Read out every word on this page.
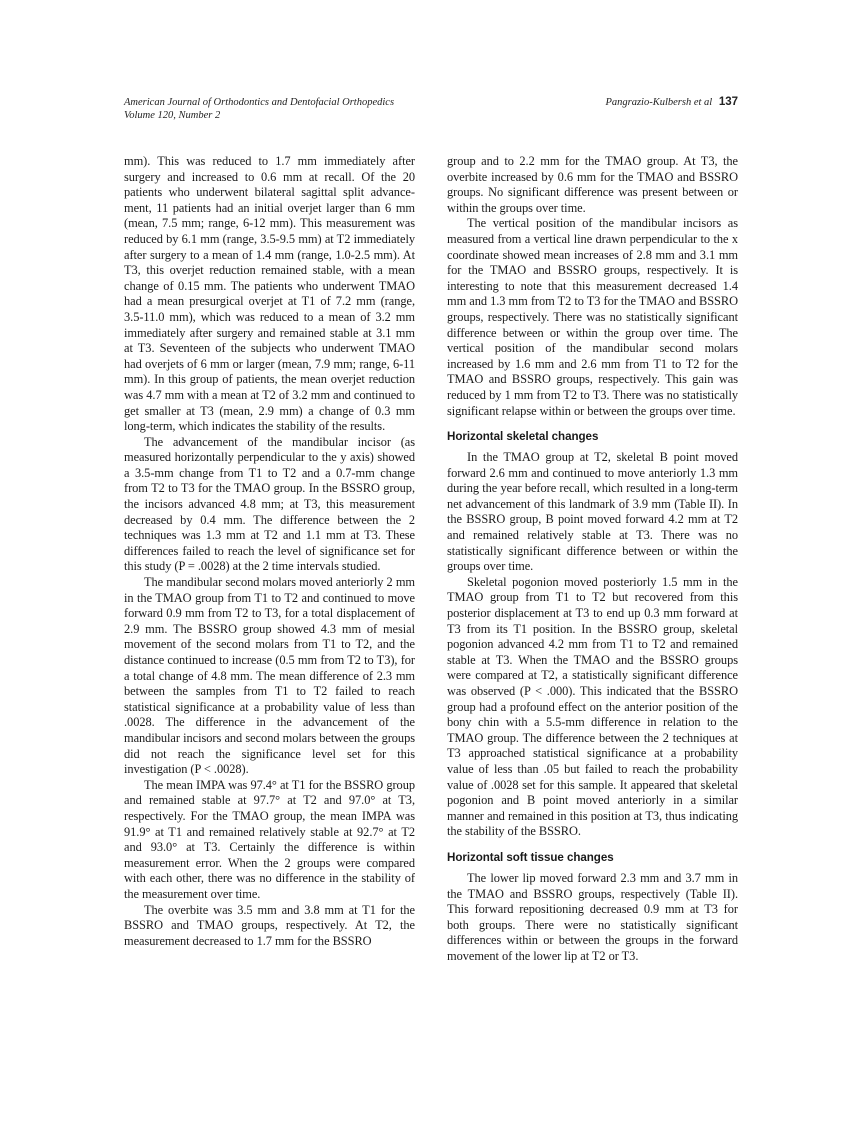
American Journal of Orthodontics and Dentofacial Orthopedics
Volume 120, Number 2
Pangrazio-Kulbersh et al 137

mm). This was reduced to 1.7 mm immediately after surgery and increased to 0.6 mm at recall. Of the 20 patients who underwent bilateral sagittal split advancement, 11 patients had an initial overjet larger than 6 mm (mean, 7.5 mm; range, 6-12 mm). This measurement was reduced by 6.1 mm (range, 3.5-9.5 mm) at T2 immediately after surgery to a mean of 1.4 mm (range, 1.0-2.5 mm). At T3, this overjet reduction remained stable, with a mean change of 0.15 mm. The patients who underwent TMAO had a mean presurgical overjet at T1 of 7.2 mm (range, 3.5-11.0 mm), which was reduced to a mean of 3.2 mm immediately after surgery and remained stable at 3.1 mm at T3. Seventeen of the subjects who underwent TMAO had overjets of 6 mm or larger (mean, 7.9 mm; range, 6-11 mm). In this group of patients, the mean overjet reduction was 4.7 mm with a mean at T2 of 3.2 mm and continued to get smaller at T3 (mean, 2.9 mm) a change of 0.3 mm long-term, which indicates the stability of the results.

The advancement of the mandibular incisor (as measured horizontally perpendicular to the y axis) showed a 3.5-mm change from T1 to T2 and a 0.7-mm change from T2 to T3 for the TMAO group. In the BSSRO group, the incisors advanced 4.8 mm; at T3, this measurement decreased by 0.4 mm. The difference between the 2 techniques was 1.3 mm at T2 and 1.1 mm at T3. These differences failed to reach the level of significance set for this study (P = .0028) at the 2 time intervals studied.

The mandibular second molars moved anteriorly 2 mm in the TMAO group from T1 to T2 and continued to move forward 0.9 mm from T2 to T3, for a total displacement of 2.9 mm. The BSSRO group showed 4.3 mm of mesial movement of the second molars from T1 to T2, and the distance continued to increase (0.5 mm from T2 to T3), for a total change of 4.8 mm. The mean difference of 2.3 mm between the samples from T1 to T2 failed to reach statistical significance at a probability value of less than .0028. The difference in the advancement of the mandibular incisors and second molars between the groups did not reach the significance level set for this investigation (P < .0028).

The mean IMPA was 97.4° at T1 for the BSSRO group and remained stable at 97.7° at T2 and 97.0° at T3, respectively. For the TMAO group, the mean IMPA was 91.9° at T1 and remained relatively stable at 92.7° at T2 and 93.0° at T3. Certainly the difference is within measurement error. When the 2 groups were compared with each other, there was no difference in the stability of the measurement over time.

The overbite was 3.5 mm and 3.8 mm at T1 for the BSSRO and TMAO groups, respectively. At T2, the measurement decreased to 1.7 mm for the BSSRO

group and to 2.2 mm for the TMAO group. At T3, the overbite increased by 0.6 mm for the TMAO and BSSRO groups. No significant difference was present between or within the groups over time.

The vertical position of the mandibular incisors as measured from a vertical line drawn perpendicular to the x coordinate showed mean increases of 2.8 mm and 3.1 mm for the TMAO and BSSRO groups, respectively. It is interesting to note that this measurement decreased 1.4 mm and 1.3 mm from T2 to T3 for the TMAO and BSSRO groups, respectively. There was no statistically significant difference between or within the group over time. The vertical position of the mandibular second molars increased by 1.6 mm and 2.6 mm from T1 to T2 for the TMAO and BSSRO groups, respectively. This gain was reduced by 1 mm from T2 to T3. There was no statistically significant relapse within or between the groups over time.

Horizontal skeletal changes

In the TMAO group at T2, skeletal B point moved forward 2.6 mm and continued to move anteriorly 1.3 mm during the year before recall, which resulted in a long-term net advancement of this landmark of 3.9 mm (Table II). In the BSSRO group, B point moved forward 4.2 mm at T2 and remained relatively stable at T3. There was no statistically significant difference between or within the groups over time.

Skeletal pogonion moved posteriorly 1.5 mm in the TMAO group from T1 to T2 but recovered from this posterior displacement at T3 to end up 0.3 mm forward at T3 from its T1 position. In the BSSRO group, skeletal pogonion advanced 4.2 mm from T1 to T2 and remained stable at T3. When the TMAO and the BSSRO groups were compared at T2, a statistically significant difference was observed (P < .000). This indicated that the BSSRO group had a profound effect on the anterior position of the bony chin with a 5.5-mm difference in relation to the TMAO group. The difference between the 2 techniques at T3 approached statistical significance at a probability value of less than .05 but failed to reach the probability value of .0028 set for this sample. It appeared that skeletal pogonion and B point moved anteriorly in a similar manner and remained in this position at T3, thus indicating the stability of the BSSRO.

Horizontal soft tissue changes

The lower lip moved forward 2.3 mm and 3.7 mm in the TMAO and BSSRO groups, respectively (Table II). This forward repositioning decreased 0.9 mm at T3 for both groups. There were no statistically significant differences within or between the groups in the forward movement of the lower lip at T2 or T3.
